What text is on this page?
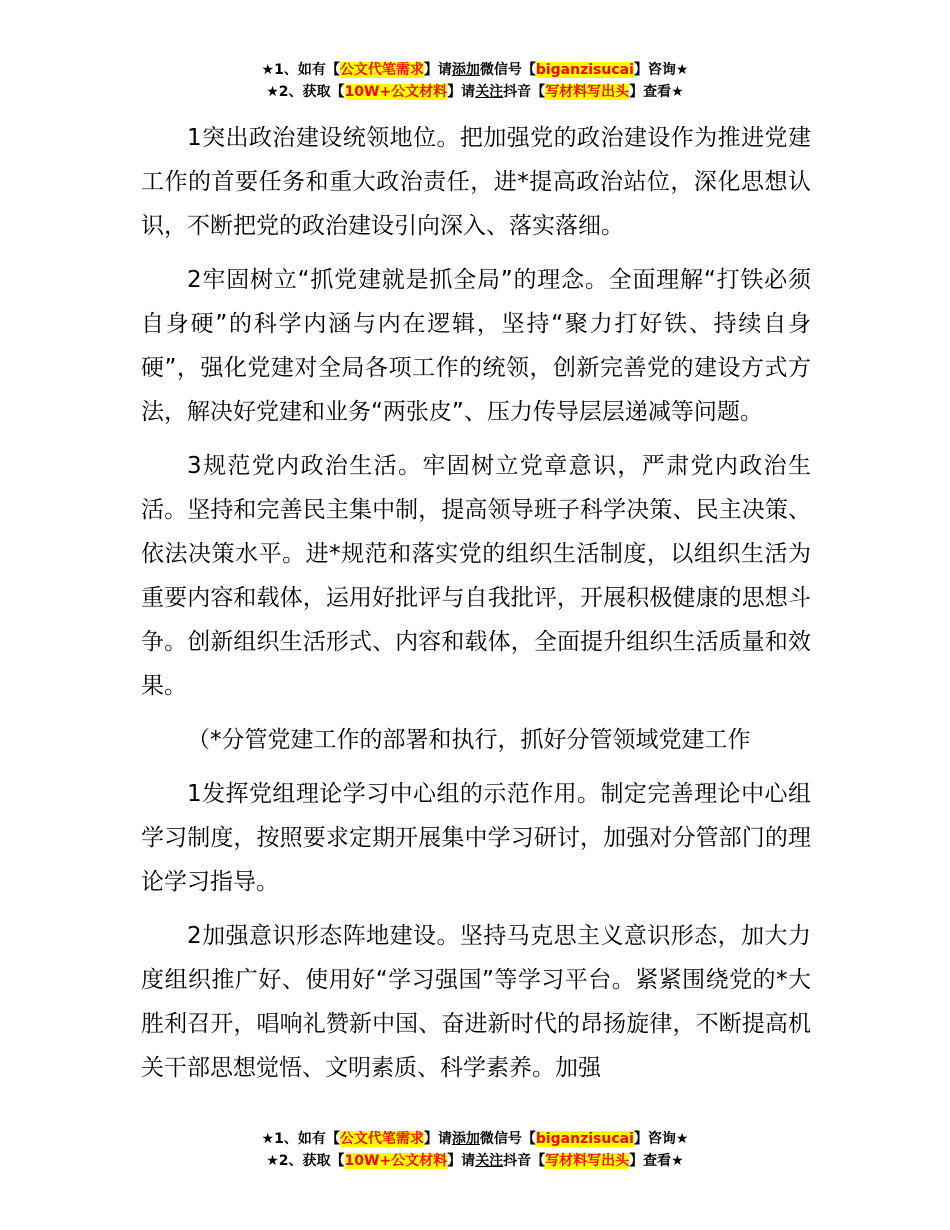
★1、如有【公文代笔需求】请添加微信号【biganzisucai】咨询★
★2、获取【10W+公文材料】请关注抖音【写材料写出头】查看★

1突出政治建设统领地位。把加强党的政治建设作为推进党建工作的首要任务和重大政治责任，进*提高政治站位，深化思想认识，不断把党的政治建设引向深入、落实落细。

2牢固树立“抓党建就是抓全局”的理念。全面理解“打铁必须自身硬”的科学内涵与内在逻辑，坚持“聚力打好铁、持续自身硬”，强化党建对全局各项工作的统领，创新完善党的建设方式方法，解决好党建和业务“两张皮”、压力传导层层递减等问题。

3规范党内政治生活。牢固树立党章意识，严肃党内政治生活。坚持和完善民主集中制，提高领导班子科学决策、民主决策、依法决策水平。进*规范和落实党的组织生活制度，以组织生活为重要内容和载体，运用好批评与自我批评，开展积极健康的思想斗争。创新组织生活形式、内容和载体，全面提升组织生活质量和效果。

（*分管党建工作的部署和执行，抓好分管领域党建工作

1发挥党组理论学习中心组的示范作用。制定完善理论中心组学习制度，按照要求定期开展集中学习研讨，加强对分管部门的理论学习指导。

2加强意识形态阵地建设。坚持马克思主义意识形态，加大力度组织推广好、使用好“学习强国”等学习平台。紧紧围绕党的*大胜利召开，唱响礼赞新中国、奋进新时代的昂扬旋律，不断提高机关干部思想觉悟、文明素质、科学素养。加强

★1、如有【公文代笔需求】请添加微信号【biganzisucai】咨询★
★2、获取【10W+公文材料】请关注抖音【写材料写出头】查看★
